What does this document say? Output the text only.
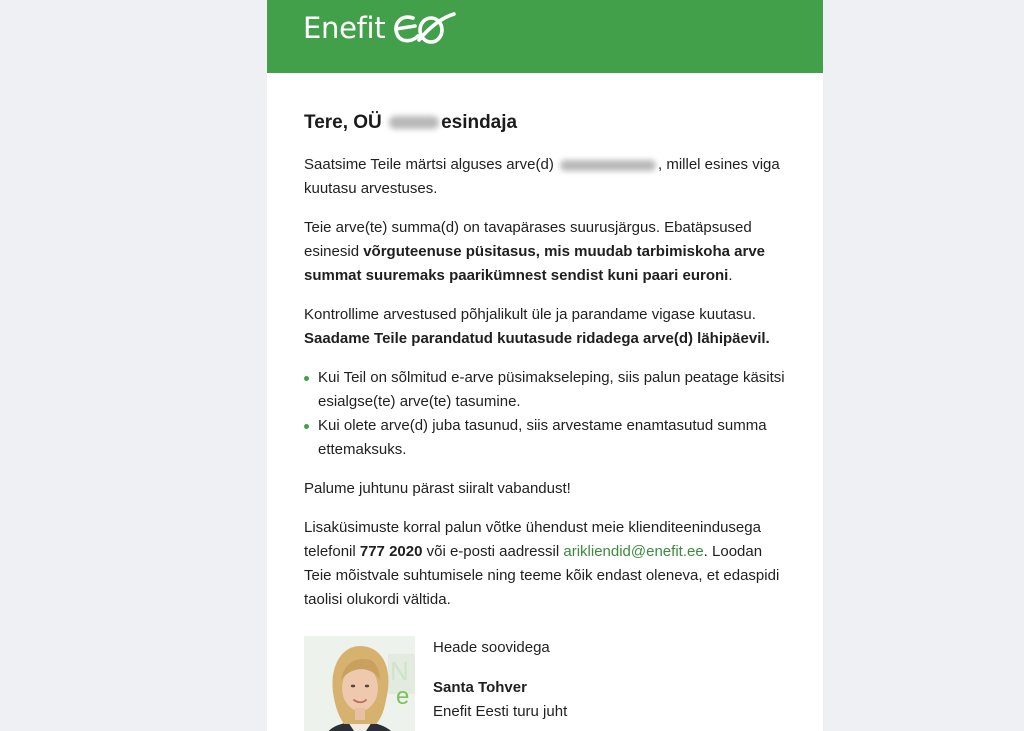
Enefit
Tere, OÜ	esindaja

Saatsime Teile märtsi alguses arve(d)	, millel esines viga kuutasu arvestuses.

Teie arve(te) summa(d) on tavapärases suurusjärgus. Ebatäpsused esinesid võrguteenuse püsitasus, mis muudab tarbimiskoha arve summat suuremaks paarikümnest sendist kuni paari euroni.

Kontrollime arvestused põhjalikult üle ja parandame vigase kuutasu.
Saadame Teile parandatud kuutasude ridadega arve(d) lähipäevil.

Kui Teil on sõlmitud e-arve püsimakseleping, siis palun peatage käsitsi esialgse(te) arve(te) tasumine.
Kui olete arve(d) juba tasunud, siis arvestame enamtasutud summa ettemaksuks.

Palume juhtunu pärast siiralt vabandust!

Lisaküsimuste korral palun võtke ühendust meie klienditeenindusega telefonil 777 2020 või e-posti aadressil arikliendid@enefit.ee. Loodan Teie mõistvale suhtumisele ning teeme kõik endast oleneva, et edaspidi taolisi olukordi vältida.

N
e
Heade soovidega
Santa Tohver
Enefit Eesti turu juht
